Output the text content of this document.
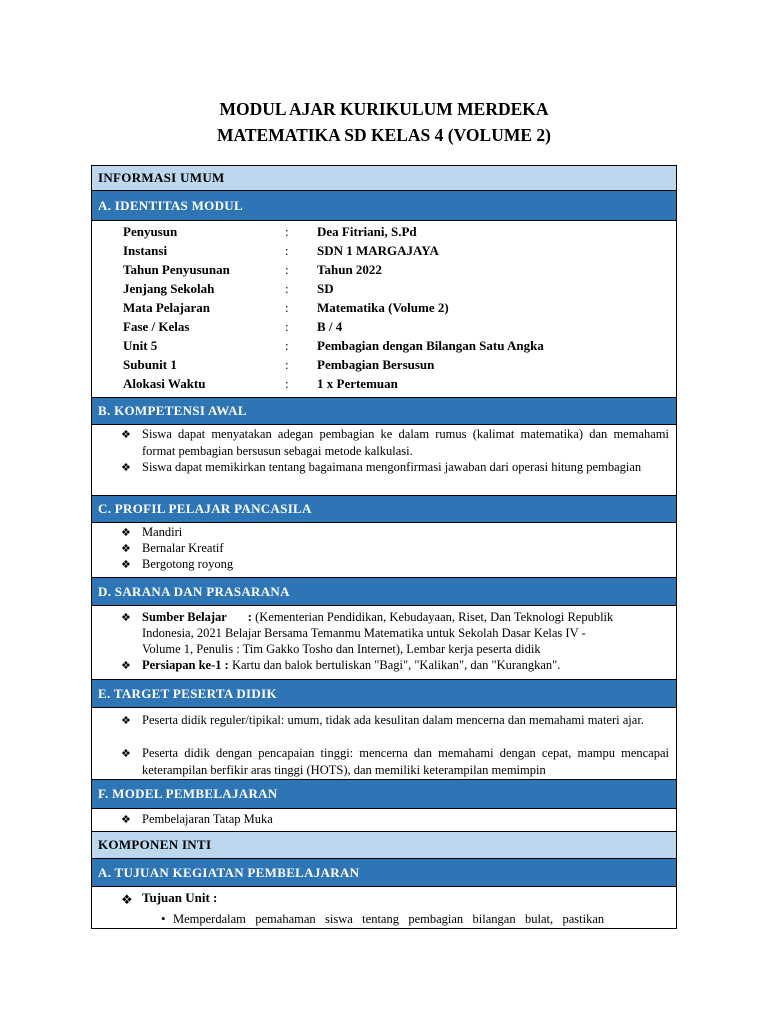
MODUL AJAR KURIKULUM MERDEKA
MATEMATIKA SD KELAS 4 (VOLUME 2)
INFORMASI UMUM
A. IDENTITAS MODUL
Penyusun	: Dea Fitriani, S.Pd
Instansi	: SDN 1 MARGAJAYA
Tahun Penyusunan	: Tahun 2022
Jenjang Sekolah	: SD
Mata Pelajaran	: Matematika (Volume 2)
Fase / Kelas	: B / 4
Unit 5	: Pembagian dengan Bilangan Satu Angka
Subunit 1	: Pembagian Bersusun
Alokasi Waktu	: 1 x Pertemuan
B. KOMPETENSI AWAL
❖ Siswa dapat menyatakan adegan pembagian ke dalam rumus (kalimat matematika) dan memahami format pembagian bersusun sebagai metode kalkulasi.
❖ Siswa dapat memikirkan tentang bagaimana mengonfirmasi jawaban dari operasi hitung pembagian
C. PROFIL PELAJAR PANCASILA
❖ Mandiri
❖ Bernalar Kreatif
❖ Bergotong royong
D. SARANA DAN PRASARANA
❖ Sumber Belajar : (Kementerian Pendidikan, Kebudayaan, Riset, Dan Teknologi Republik
Indonesia, 2021 Belajar Bersama Temanmu Matematika untuk Sekolah Dasar Kelas IV -
Volume 1, Penulis : Tim Gakko Tosho dan Internet), Lembar kerja peserta didik
❖ Persiapan ke-1 : Kartu dan balok bertuliskan "Bagi", "Kalikan", dan "Kurangkan".
E. TARGET PESERTA DIDIK
❖ Peserta didik reguler/tipikal: umum, tidak ada kesulitan dalam mencerna dan memahami materi ajar.
❖ Peserta didik dengan pencapaian tinggi: mencerna dan memahami dengan cepat, mampu mencapai keterampilan berfikir aras tinggi (HOTS), dan memiliki keterampilan memimpin
F. MODEL PEMBELAJARAN
❖ Pembelajaran Tatap Muka
KOMPONEN INTI
A. TUJUAN KEGIATAN PEMBELAJARAN
❖ Tujuan Unit :
• Memperdalam   pemahaman   siswa   tentang   pembagian   bilangan   bulat,   pastikan
